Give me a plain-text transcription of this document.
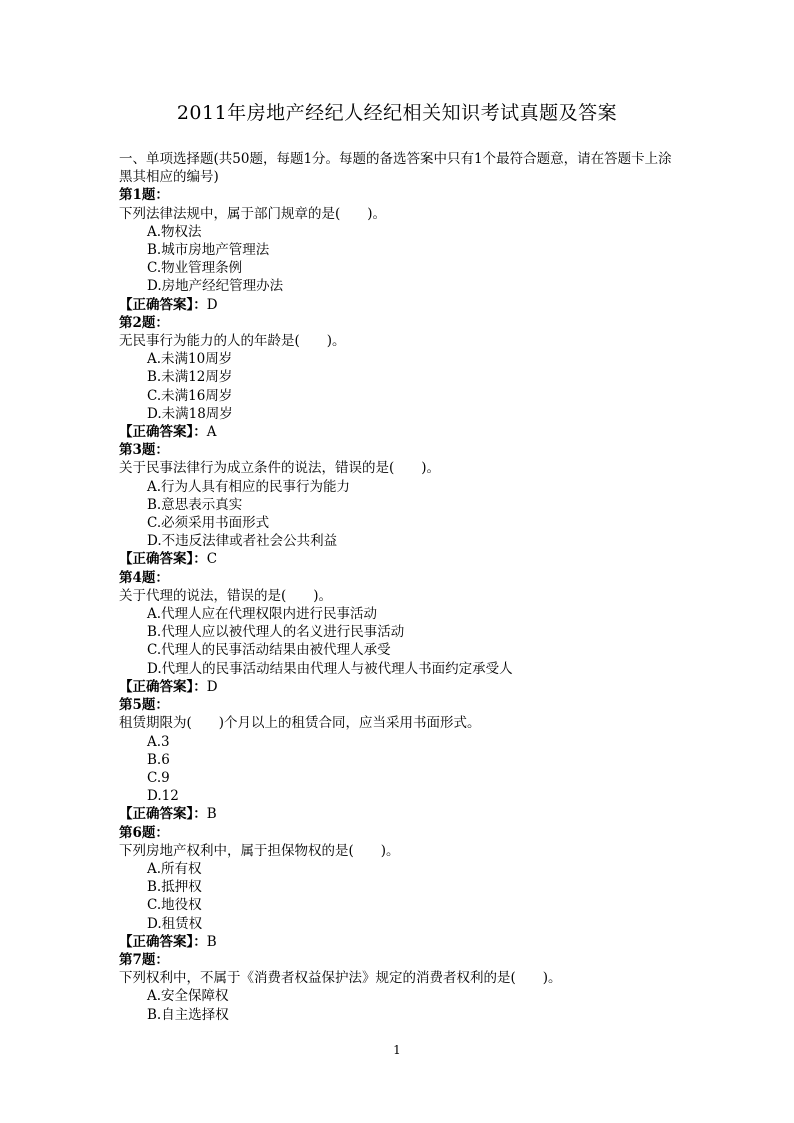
2011年房地产经纪人经纪相关知识考试真题及答案
一、单项选择题(共50题，每题1分。每题的备选答案中只有1个最符合题意，请在答题卡上涂黑其相应的编号)
第1题：
下列法律法规中，属于部门规章的是(　　)。
A.物权法
B.城市房地产管理法
C.物业管理条例
D.房地产经纪管理办法
【正确答案】：D
第2题：
无民事行为能力的人的年龄是(　　)。
A.未满10周岁
B.未满12周岁
C.未满16周岁
D.未满18周岁
【正确答案】：A
第3题：
关于民事法律行为成立条件的说法，错误的是(　　)。
A.行为人具有相应的民事行为能力
B.意思表示真实
C.必须采用书面形式
D.不违反法律或者社会公共利益
【正确答案】：C
第4题：
关于代理的说法，错误的是(　　)。
A.代理人应在代理权限内进行民事活动
B.代理人应以被代理人的名义进行民事活动
C.代理人的民事活动结果由被代理人承受
D.代理人的民事活动结果由代理人与被代理人书面约定承受人
【正确答案】：D
第5题：
租赁期限为(　　)个月以上的租赁合同，应当采用书面形式。
A.3
B.6
C.9
D.12
【正确答案】：B
第6题：
下列房地产权利中，属于担保物权的是(　　)。
A.所有权
B.抵押权
C.地役权
D.租赁权
【正确答案】：B
第7题：
下列权利中，不属于《消费者权益保护法》规定的消费者权利的是(　　)。
A.安全保障权
B.自主选择权
1
